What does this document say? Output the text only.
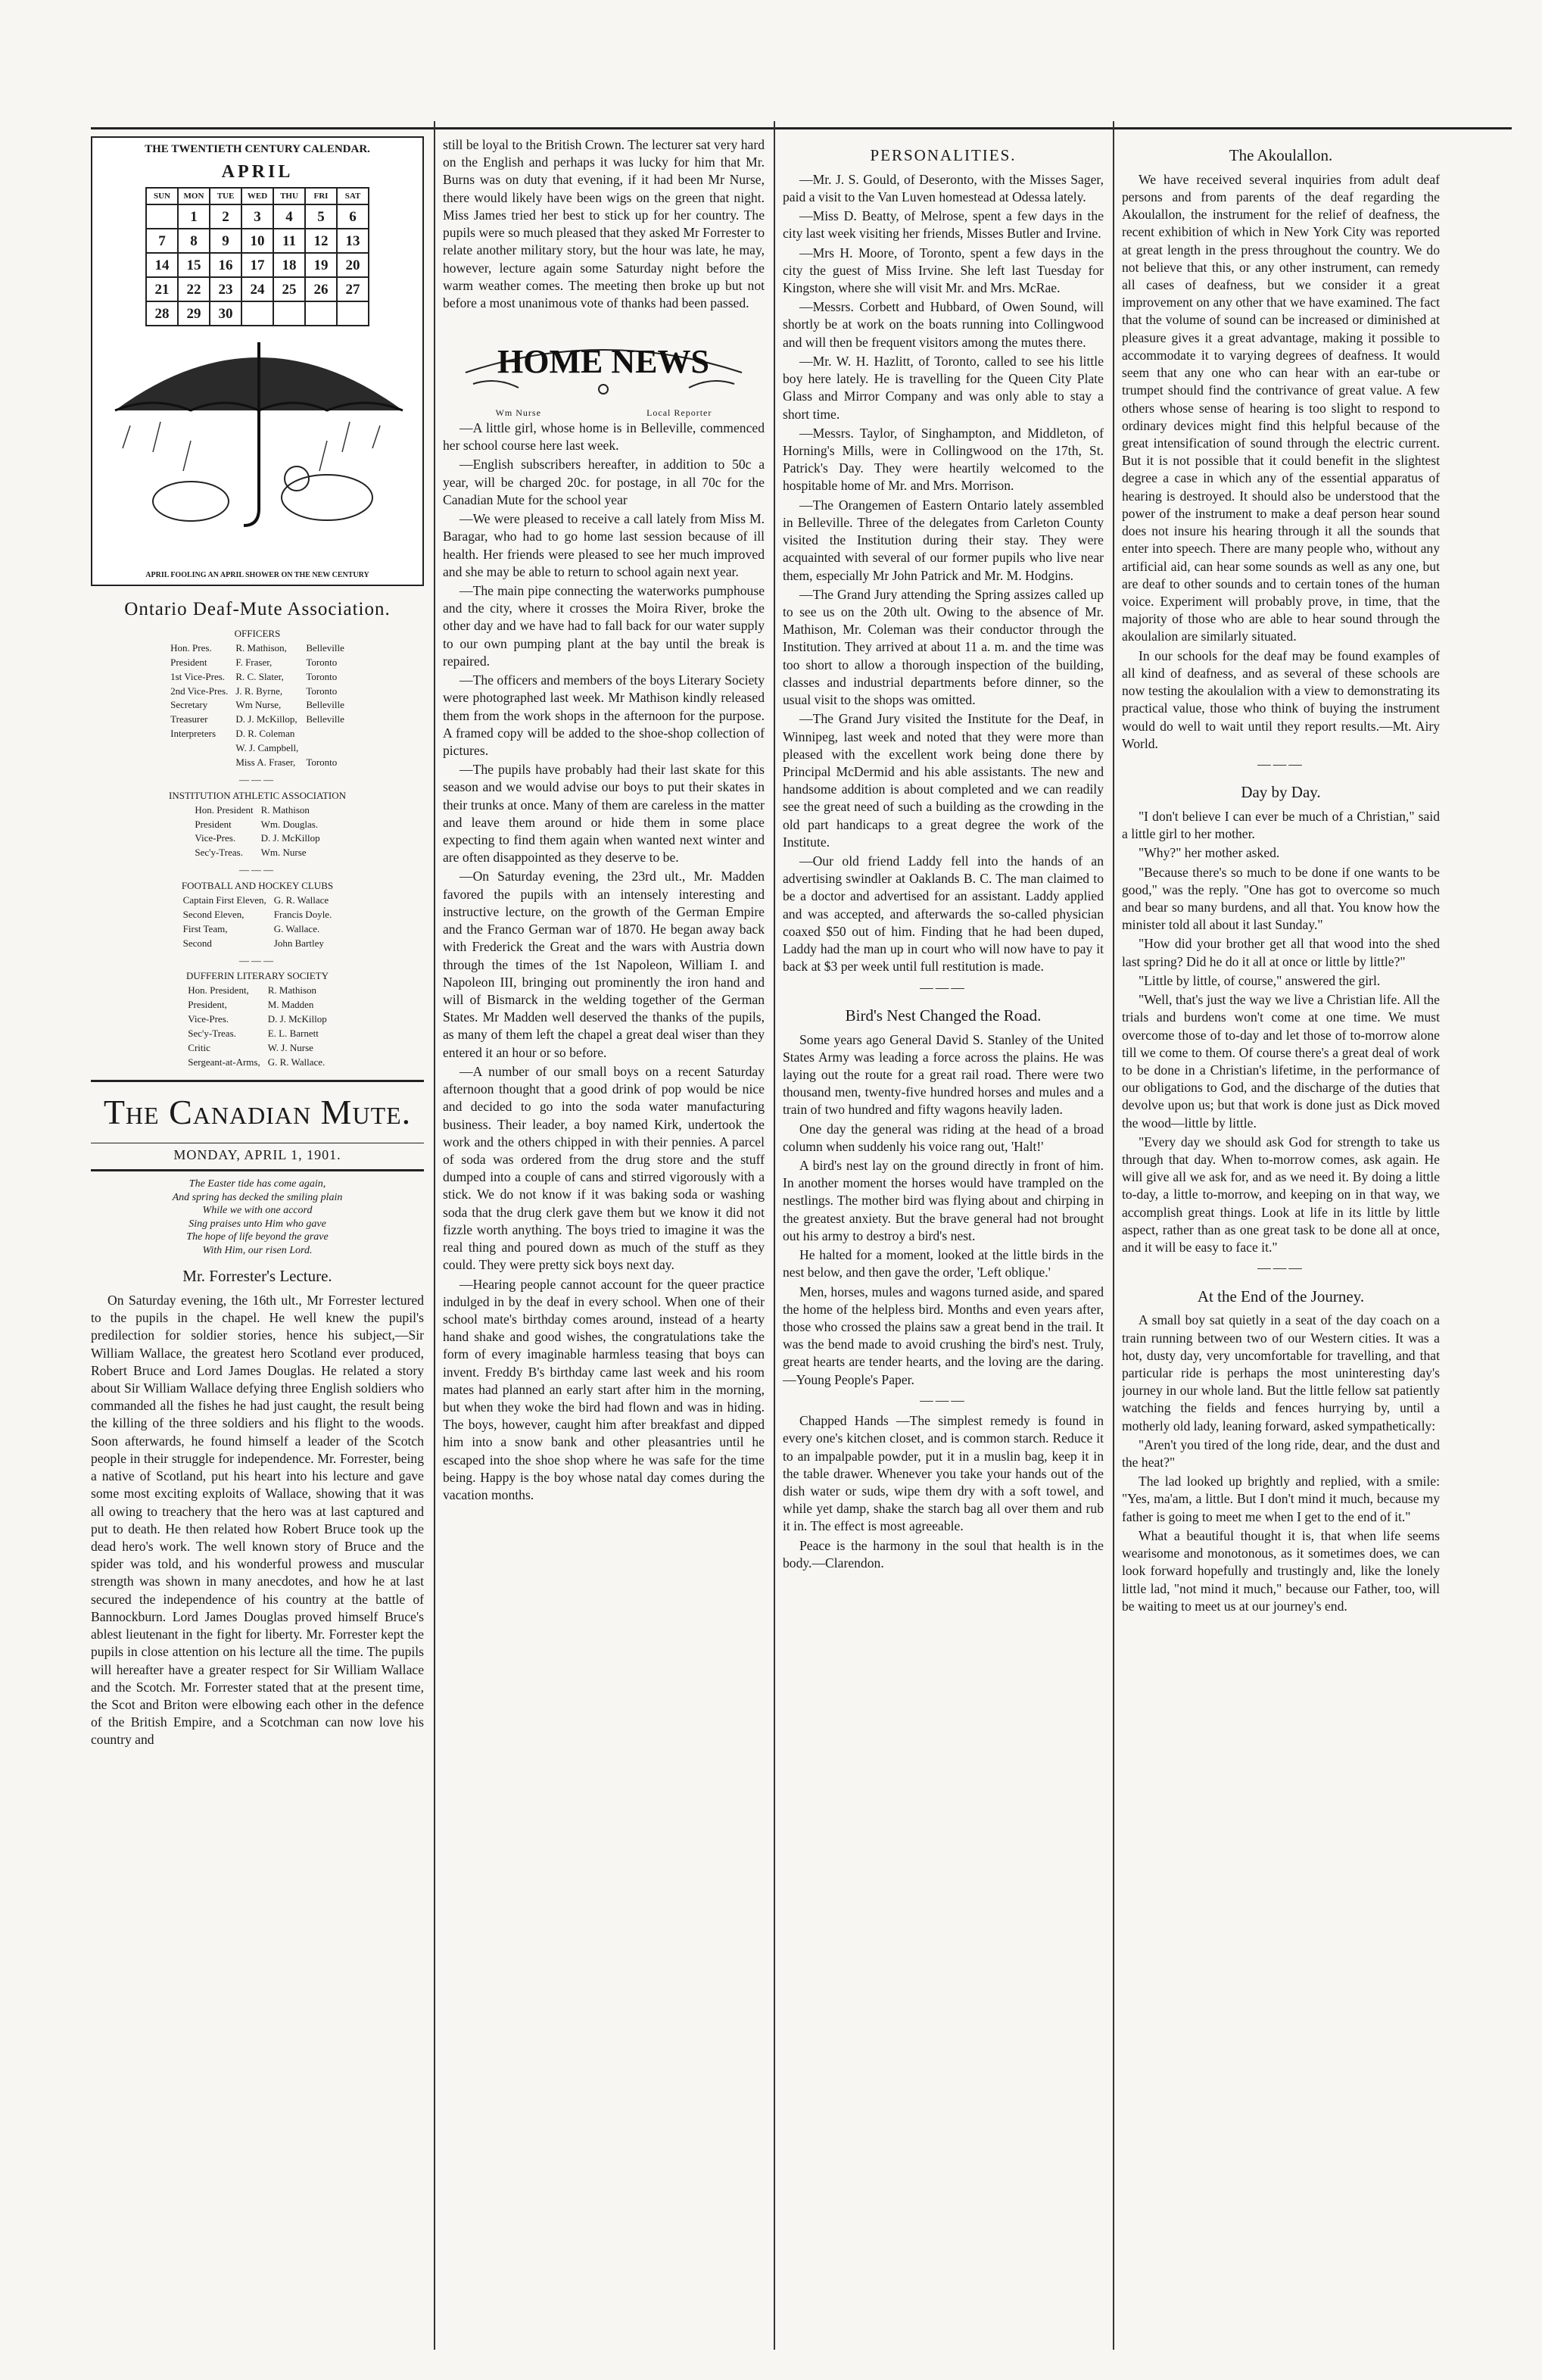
THE TWENTIETH CENTURY CALENDAR.
APRIL
SUN	MON	TUE	WED	THU	FRI	SAT
	1	2	3	4	5	6
7	8	9	10	11	12	13
14	15	16	17	18	19	20
21	22	23	24	25	26	27
28	29	30				
APRIL FOOLING AN APRIL SHOWER ON THE NEW CENTURY
Ontario Deaf-Mute Association.
OFFICERS
Hon. Pres.	R. Mathison,	Belleville
President	F. Fraser,	Toronto
1st Vice-Pres.	R. C. Slater,	Toronto
2nd Vice-Pres.	J. R. Byrne,	Toronto
Secretary	Wm Nurse,	Belleville
Treasurer	D. J. McKillop,	Belleville
Interpreters	D. R. Coleman	
	W. J. Campbell,	
	Miss A. Fraser,	Toronto
———
INSTITUTION ATHLETIC ASSOCIATION
Hon. President	R. Mathison
President	Wm. Douglas.
Vice-Pres.	D. J. McKillop
Sec'y-Treas.	Wm. Nurse
———
FOOTBALL AND HOCKEY CLUBS
Captain First Eleven,	G. R. Wallace
Second Eleven,	Francis Doyle.
First Team,	G. Wallace.
Second	John Bartley
———
DUFFERIN LITERARY SOCIETY
Hon. President,	R. Mathison
President,	M. Madden
Vice-Pres.	D. J. McKillop
Sec'y-Treas.	E. L. Barnett
Critic	W. J. Nurse
Sergeant-at-Arms,	G. R. Wallace.
The Canadian Mute.
MONDAY, APRIL 1, 1901.
The Easter tide has come again,
And spring has decked the smiling plain
While we with one accord
Sing praises unto Him who gave
The hope of life beyond the grave
With Him, our risen Lord.
Mr. Forrester's Lecture.

On Saturday evening, the 16th ult., Mr Forrester lectured to the pupils in the chapel. He well knew the pupil's predilection for soldier stories, hence his subject,—Sir William Wallace, the greatest hero Scotland ever produced, Robert Bruce and Lord James Douglas. He related a story about Sir William Wallace defying three English soldiers who commanded all the fishes he had just caught, the result being the killing of the three soldiers and his flight to the woods. Soon afterwards, he found himself a leader of the Scotch people in their struggle for independence. Mr. Forrester, being a native of Scotland, put his heart into his lecture and gave some most exciting exploits of Wallace, showing that it was all owing to treachery that the hero was at last captured and put to death. He then related how Robert Bruce took up the dead hero's work. The well known story of Bruce and the spider was told, and his wonderful prowess and muscular strength was shown in many anecdotes, and how he at last secured the independence of his country at the battle of Bannockburn. Lord James Douglas proved himself Bruce's ablest lieutenant in the fight for liberty. Mr. Forrester kept the pupils in close attention on his lecture all the time. The pupils will hereafter have a greater respect for Sir William Wallace and the Scotch. Mr. Forrester stated that at the present time, the Scot and Briton were elbowing each other in the defence of the British Empire, and a Scotchman can now love his country and

still be loyal to the British Crown. The lecturer sat very hard on the English and perhaps it was lucky for him that Mr. Burns was on duty that evening, if it had been Mr Nurse, there would likely have been wigs on the green that night. Miss James tried her best to stick up for her country. The pupils were so much pleased that they asked Mr Forrester to relate another military story, but the hour was late, he may, however, lecture again some Saturday night before the warm weather comes. The meeting then broke up but not before a most unanimous vote of thanks had been passed.

HOME NEWS
Wm Nurse	Local Reporter

—A little girl, whose home is in Belleville, commenced her school course here last week.

—English subscribers hereafter, in addition to 50c a year, will be charged 20c. for postage, in all 70c for the Canadian Mute for the school year

—We were pleased to receive a call lately from Miss M. Baragar, who had to go home last session because of ill health. Her friends were pleased to see her much improved and she may be able to return to school again next year.

—The main pipe connecting the waterworks pumphouse and the city, where it crosses the Moira River, broke the other day and we have had to fall back for our water supply to our own pumping plant at the bay until the break is repaired.

—The officers and members of the boys Literary Society were photographed last week. Mr Mathison kindly released them from the work shops in the afternoon for the purpose. A framed copy will be added to the shoe-shop collection of pictures.

—The pupils have probably had their last skate for this season and we would advise our boys to put their skates in their trunks at once. Many of them are careless in the matter and leave them around or hide them in some place expecting to find them again when wanted next winter and are often disappointed as they deserve to be.

—On Saturday evening, the 23rd ult., Mr. Madden favored the pupils with an intensely interesting and instructive lecture, on the growth of the German Empire and the Franco German war of 1870. He began away back with Frederick the Great and the wars with Austria down through the times of the 1st Napoleon, William I. and Napoleon III, bringing out prominently the iron hand and will of Bismarck in the welding together of the German States. Mr Madden well deserved the thanks of the pupils, as many of them left the chapel a great deal wiser than they entered it an hour or so before.

—A number of our small boys on a recent Saturday afternoon thought that a good drink of pop would be nice and decided to go into the soda water manufacturing business. Their leader, a boy named Kirk, undertook the work and the others chipped in with their pennies. A parcel of soda was ordered from the drug store and the stuff dumped into a couple of cans and stirred vigorously with a stick. We do not know if it was baking soda or washing soda that the drug clerk gave them but we know it did not fizzle worth anything. The boys tried to imagine it was the real thing and poured down as much of the stuff as they could. They were pretty sick boys next day.

—Hearing people cannot account for the queer practice indulged in by the deaf in every school. When one of their school mate's birthday comes around, instead of a hearty hand shake and good wishes, the congratulations take the form of every imaginable harmless teasing that boys can invent. Freddy B's birthday came last week and his room mates had planned an early start after him in the morning, but when they woke the bird had flown and was in hiding. The boys, however, caught him after breakfast and dipped him into a snow bank and other pleasantries until he escaped into the shoe shop where he was safe for the time being. Happy is the boy whose natal day comes during the vacation months.

PERSONALITIES.

—Mr. J. S. Gould, of Deseronto, with the Misses Sager, paid a visit to the Van Luven homestead at Odessa lately.

—Miss D. Beatty, of Melrose, spent a few days in the city last week visiting her friends, Misses Butler and Irvine.

—Mrs H. Moore, of Toronto, spent a few days in the city the guest of Miss Irvine. She left last Tuesday for Kingston, where she will visit Mr. and Mrs. McRae.

—Messrs. Corbett and Hubbard, of Owen Sound, will shortly be at work on the boats running into Collingwood and will then be frequent visitors among the mutes there.

—Mr. W. H. Hazlitt, of Toronto, called to see his little boy here lately. He is travelling for the Queen City Plate Glass and Mirror Company and was only able to stay a short time.

—Messrs. Taylor, of Singhampton, and Middleton, of Horning's Mills, were in Collingwood on the 17th, St. Patrick's Day. They were heartily welcomed to the hospitable home of Mr. and Mrs. Morrison.

—The Orangemen of Eastern Ontario lately assembled in Belleville. Three of the delegates from Carleton County visited the Institution during their stay. They were acquainted with several of our former pupils who live near them, especially Mr John Patrick and Mr. M. Hodgins.

—The Grand Jury attending the Spring assizes called up to see us on the 20th ult. Owing to the absence of Mr. Mathison, Mr. Coleman was their conductor through the Institution. They arrived at about 11 a. m. and the time was too short to allow a thorough inspection of the building, classes and industrial departments before dinner, so the usual visit to the shops was omitted.

—The Grand Jury visited the Institute for the Deaf, in Winnipeg, last week and noted that they were more than pleased with the excellent work being done there by Principal McDermid and his able assistants. The new and handsome addition is about completed and we can readily see the great need of such a building as the crowding in the old part handicaps to a great degree the work of the Institute.

—Our old friend Laddy fell into the hands of an advertising swindler at Oaklands B. C. The man claimed to be a doctor and advertised for an assistant. Laddy applied and was accepted, and afterwards the so-called physician coaxed $50 out of him. Finding that he had been duped, Laddy had the man up in court who will now have to pay it back at $3 per week until full restitution is made.

———
Bird's Nest Changed the Road.

Some years ago General David S. Stanley of the United States Army was leading a force across the plains. He was laying out the route for a great rail road. There were two thousand men, twenty-five hundred horses and mules and a train of two hundred and fifty wagons heavily laden.

One day the general was riding at the head of a broad column when suddenly his voice rang out, 'Halt!'

A bird's nest lay on the ground directly in front of him. In another moment the horses would have trampled on the nestlings. The mother bird was flying about and chirping in the greatest anxiety. But the brave general had not brought out his army to destroy a bird's nest.

He halted for a moment, looked at the little birds in the nest below, and then gave the order, 'Left oblique.'

Men, horses, mules and wagons turned aside, and spared the home of the helpless bird. Months and even years after, those who crossed the plains saw a great bend in the trail. It was the bend made to avoid crushing the bird's nest. Truly, great hearts are tender hearts, and the loving are the daring.—Young People's Paper.

———

Chapped Hands —The simplest remedy is found in every one's kitchen closet, and is common starch. Reduce it to an impalpable powder, put it in a muslin bag, keep it in the table drawer. Whenever you take your hands out of the dish water or suds, wipe them dry with a soft towel, and while yet damp, shake the starch bag all over them and rub it in. The effect is most agreeable.

Peace is the harmony in the soul that health is in the body.—Clarendon.

The Akoulallon.

We have received several inquiries from adult deaf persons and from parents of the deaf regarding the Akoulallon, the instrument for the relief of deafness, the recent exhibition of which in New York City was reported at great length in the press throughout the country. We do not believe that this, or any other instrument, can remedy all cases of deafness, but we consider it a great improvement on any other that we have examined. The fact that the volume of sound can be increased or diminished at pleasure gives it a great advantage, making it possible to accommodate it to varying degrees of deafness. It would seem that any one who can hear with an ear-tube or trumpet should find the contrivance of great value. A few others whose sense of hearing is too slight to respond to ordinary devices might find this helpful because of the great intensification of sound through the electric current. But it is not possible that it could benefit in the slightest degree a case in which any of the essential apparatus of hearing is destroyed. It should also be understood that the power of the instrument to make a deaf person hear sound does not insure his hearing through it all the sounds that enter into speech. There are many people who, without any artificial aid, can hear some sounds as well as any one, but are deaf to other sounds and to certain tones of the human voice. Experiment will probably prove, in time, that the majority of those who are able to hear sound through the akoulalion are similarly situated.

In our schools for the deaf may be found examples of all kind of deafness, and as several of these schools are now testing the akoulalion with a view to demonstrating its practical value, those who think of buying the instrument would do well to wait until they report results.—Mt. Airy World.

———
Day by Day.

"I don't believe I can ever be much of a Christian," said a little girl to her mother.

"Why?" her mother asked.

"Because there's so much to be done if one wants to be good," was the reply. "One has got to overcome so much and bear so many burdens, and all that. You know how the minister told all about it last Sunday."

"How did your brother get all that wood into the shed last spring? Did he do it all at once or little by little?"

"Little by little, of course," answered the girl.

"Well, that's just the way we live a Christian life. All the trials and burdens won't come at one time. We must overcome those of to-day and let those of to-morrow alone till we come to them. Of course there's a great deal of work to be done in a Christian's lifetime, in the performance of our obligations to God, and the discharge of the duties that devolve upon us; but that work is done just as Dick moved the wood—little by little.

"Every day we should ask God for strength to take us through that day. When to-morrow comes, ask again. He will give all we ask for, and as we need it. By doing a little to-day, a little to-morrow, and keeping on in that way, we accomplish great things. Look at life in its little by little aspect, rather than as one great task to be done all at once, and it will be easy to face it."

———
At the End of the Journey.

A small boy sat quietly in a seat of the day coach on a train running between two of our Western cities. It was a hot, dusty day, very uncomfortable for travelling, and that particular ride is perhaps the most uninteresting day's journey in our whole land. But the little fellow sat patiently watching the fields and fences hurrying by, until a motherly old lady, leaning forward, asked sympathetically:

"Aren't you tired of the long ride, dear, and the dust and the heat?"

The lad looked up brightly and replied, with a smile: "Yes, ma'am, a little. But I don't mind it much, because my father is going to meet me when I get to the end of it."

What a beautiful thought it is, that when life seems wearisome and monotonous, as it sometimes does, we can look forward hopefully and trustingly and, like the lonely little lad, "not mind it much," because our Father, too, will be waiting to meet us at our journey's end.
